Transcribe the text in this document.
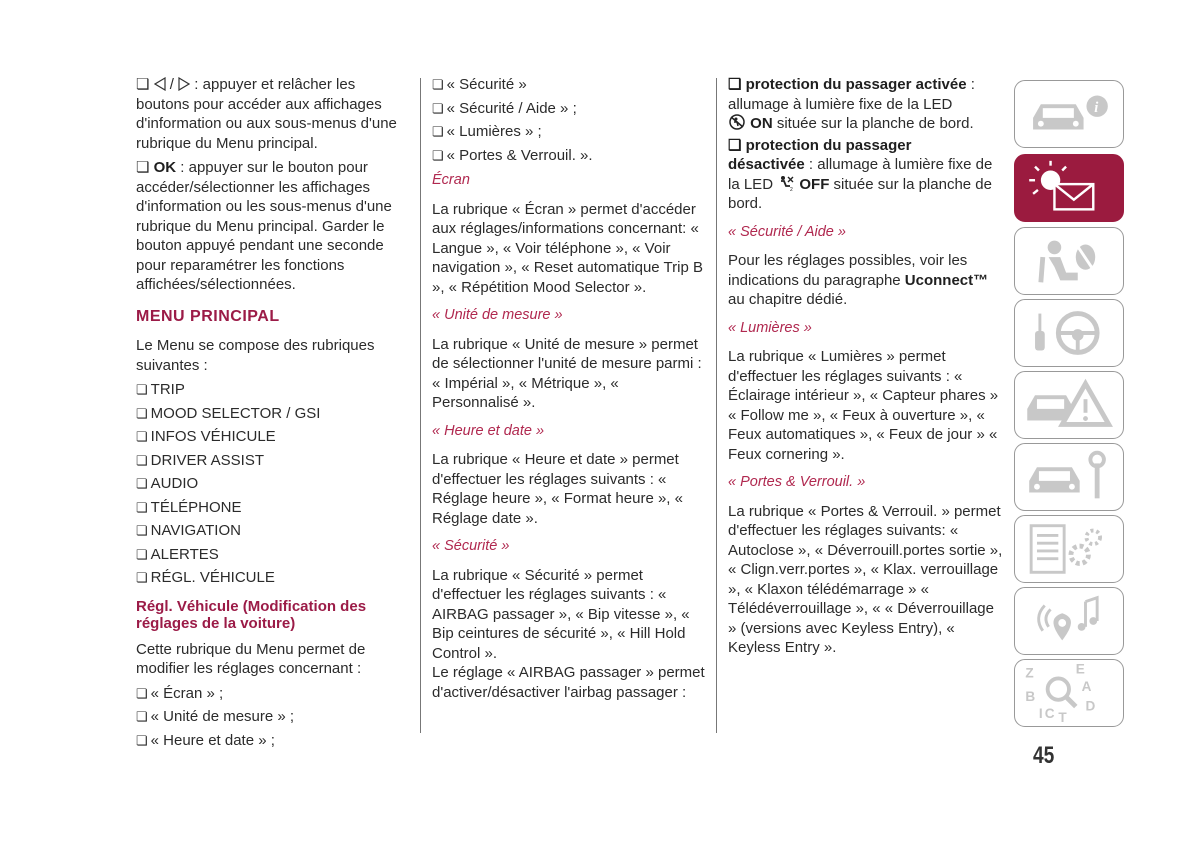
❏  /  : appuyer et relâcher les boutons pour accéder aux affichages d'information ou aux sous-menus d'une rubrique du Menu principal.

❏ OK : appuyer sur le bouton pour accéder/sélectionner les affichages d'information ou les sous-menus d'une rubrique du Menu principal. Garder le bouton appuyé pendant une seconde pour reparamétrer les fonctions affichées/sélectionnées.

MENU PRINCIPAL

Le Menu se compose des rubriques suivantes :

❏ TRIP
❏ MOOD SELECTOR / GSI
❏ INFOS VÉHICULE
❏ DRIVER ASSIST
❏ AUDIO
❏ TÉLÉPHONE
❏ NAVIGATION
❏ ALERTES
❏ RÉGL. VÉHICULE
Régl. Véhicule (Modification des réglages de la voiture)

Cette rubrique du Menu permet de modifier les réglages concernant :

❏ « Écran » ;
❏ « Unité de mesure » ;
❏ « Heure et date » ;
❏ « Sécurité »
❏ « Sécurité / Aide » ;
❏ « Lumières » ;
❏ « Portes & Verrouil. ».
Écran

La rubrique « Écran » permet d'accéder aux réglages/informations concernant: « Langue », « Voir téléphone », « Voir navigation », « Reset automatique Trip B », « Répétition Mood Selector ».

« Unité de mesure »

La rubrique « Unité de mesure » permet de sélectionner l'unité de mesure parmi : « Impérial », « Métrique », « Personnalisé ».

« Heure et date »

La rubrique « Heure et date » permet d'effectuer les réglages suivants : « Réglage heure », « Format heure », « Réglage date ».

« Sécurité »

La rubrique « Sécurité » permet d'effectuer les réglages suivants : « AIRBAG passager », « Bip vitesse », « Bip ceintures de sécurité », « Hill Hold Control ».

Le réglage « AIRBAG passager » permet d'activer/désactiver l'airbag passager :

❏ protection du passager activée : allumage à lumière fixe de la LED
ON située sur la planche de bord.

❏ protection du passager
désactivée : allumage à lumière fixe de la LED	2 OFF située sur la planche de bord.

« Sécurité / Aide »

Pour les réglages possibles, voir les indications du paragraphe Uconnect™ au chapitre dédié.

« Lumières »

La rubrique « Lumières » permet d'effectuer les réglages suivants : « Éclairage intérieur », « Capteur phares » « Follow me », « Feux à ouverture », « Feux automatiques », « Feux de jour » « Feux cornering ».

« Portes & Verrouil. »

La rubrique « Portes & Verrouil. » permet d'effectuer les réglages suivants: « Autoclose », « Déverrouill.portes sortie », « Clign.verr.portes », « Klax. verrouillage », « Klaxon télédémarrage » « Télédéverrouillage », « « Déverrouillage » (versions avec Keyless Entry), « Keyless Entry ».

i
Z	E
A
B
I C T
D
45
